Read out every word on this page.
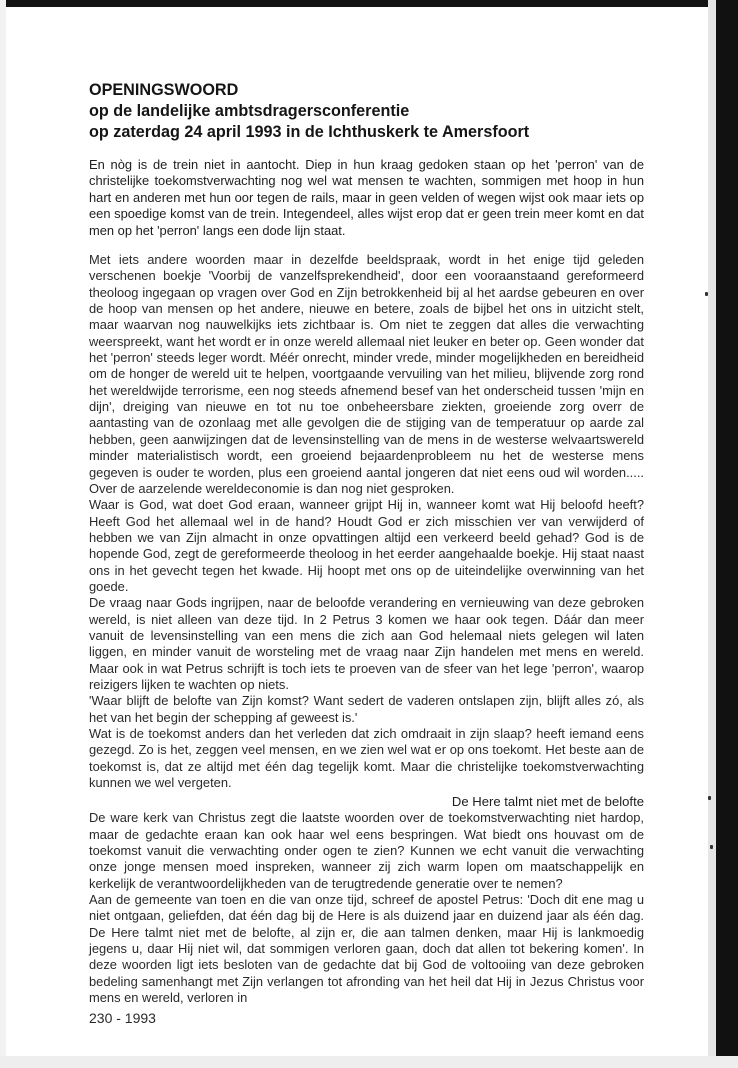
OPENINGSWOORD
op de landelijke ambtsdragersconferentie
op zaterdag 24 april 1993 in de Ichthuskerk te Amersfoort

En nòg is de trein niet in aantocht. Diep in hun kraag gedoken staan op het 'perron' van de christelijke toekomstverwachting nog wel wat mensen te wachten, sommigen met hoop in hun hart en anderen met hun oor tegen de rails, maar in geen velden of wegen wijst ook maar iets op een spoedige komst van de trein. Integendeel, alles wijst erop dat er geen trein meer komt en dat men op het 'perron' langs een dode lijn staat.

Met iets andere woorden maar in dezelfde beeldspraak, wordt in het enige tijd geleden verschenen boekje 'Voorbij de vanzelfsprekendheid', door een vooraanstaand gereformeerd theoloog ingegaan op vragen over God en Zijn betrokkenheid bij al het aardse gebeuren en over de hoop van mensen op het andere, nieuwe en betere, zoals de bijbel het ons in uitzicht stelt, maar waarvan nog nauwelkijks iets zichtbaar is. Om niet te zeggen dat alles die verwachting weerspreekt, want het wordt er in onze wereld allemaal niet leuker en beter op. Geen wonder dat het 'perron' steeds leger wordt. Méér onrecht, minder vrede, minder mogelijkheden en bereidheid om de honger de wereld uit te helpen, voortgaande vervuiling van het milieu, blijvende zorg rond het wereldwijde terrorisme, een nog steeds afnemend besef van het onderscheid tussen 'mijn en dijn', dreiging van nieuwe en tot nu toe onbeheersbare ziekten, groeiende zorg overr de aantasting van de ozonlaag met alle gevolgen die de stijging van de temperatuur op aarde zal hebben, geen aanwijzingen dat de levensinstelling van de mens in de westerse welvaartswereld minder materialistisch wordt, een groeiend bejaardenprobleem nu het de westerse mens gegeven is ouder te worden, plus een groeiend aantal jongeren dat niet eens oud wil worden..... Over de aarzelende wereldeconomie is dan nog niet gesproken.

Waar is God, wat doet God eraan, wanneer grijpt Hij in, wanneer komt wat Hij beloofd heeft? Heeft God het allemaal wel in de hand? Houdt God er zich misschien ver van verwijderd of hebben we van Zijn almacht in onze opvattingen altijd een verkeerd beeld gehad? God is de hopende God, zegt de gereformeerde theoloog in het eerder aangehaalde boekje. Hij staat naast ons in het gevecht tegen het kwade. Hij hoopt met ons op de uiteindelijke overwinning van het goede.

De vraag naar Gods ingrijpen, naar de beloofde verandering en vernieuwing van deze gebroken wereld, is niet alleen van deze tijd. In 2 Petrus 3 komen we haar ook tegen. Dáár dan meer vanuit de levensinstelling van een mens die zich aan God helemaal niets gelegen wil laten liggen, en minder vanuit de worsteling met de vraag naar Zijn handelen met mens en wereld. Maar ook in wat Petrus schrijft is toch iets te proeven van de sfeer van het lege 'perron', waarop reizigers lijken te wachten op niets.

'Waar blijft de belofte van Zijn komst? Want sedert de vaderen ontslapen zijn, blijft alles zó, als het van het begin der schepping af geweest is.'

Wat is de toekomst anders dan het verleden dat zich omdraait in zijn slaap? heeft iemand eens gezegd. Zo is het, zeggen veel mensen, en we zien wel wat er op ons toekomt. Het beste aan de toekomst is, dat ze altijd met één dag tegelijk komt. Maar die christelijke toekomstverwachting kunnen we wel vergeten.

De Here talmt niet met de belofte

De ware kerk van Christus zegt die laatste woorden over de toekomstverwachting niet hardop, maar de gedachte eraan kan ook haar wel eens bespringen. Wat biedt ons houvast om de toekomst vanuit die verwachting onder ogen te zien? Kunnen we echt vanuit die verwachting onze jonge mensen moed inspreken, wanneer zij zich warm lopen om maatschappelijk en kerkelijk de verantwoordelijkheden van de terugtredende generatie over te nemen?

Aan de gemeente van toen en die van onze tijd, schreef de apostel Petrus: 'Doch dit ene mag u niet ontgaan, geliefden, dat één dag bij de Here is als duizend jaar en duizend jaar als één dag. De Here talmt niet met de belofte, al zijn er, die aan talmen denken, maar Hij is lankmoedig jegens u, daar Hij niet wil, dat sommigen verloren gaan, doch dat allen tot bekering komen'. In deze woorden ligt iets besloten van de gedachte dat bij God de voltooiing van deze gebroken bedeling samenhangt met Zijn verlangen tot afronding van het heil dat Hij in Jezus Christus voor mens en wereld, verloren in

230 - 1993
